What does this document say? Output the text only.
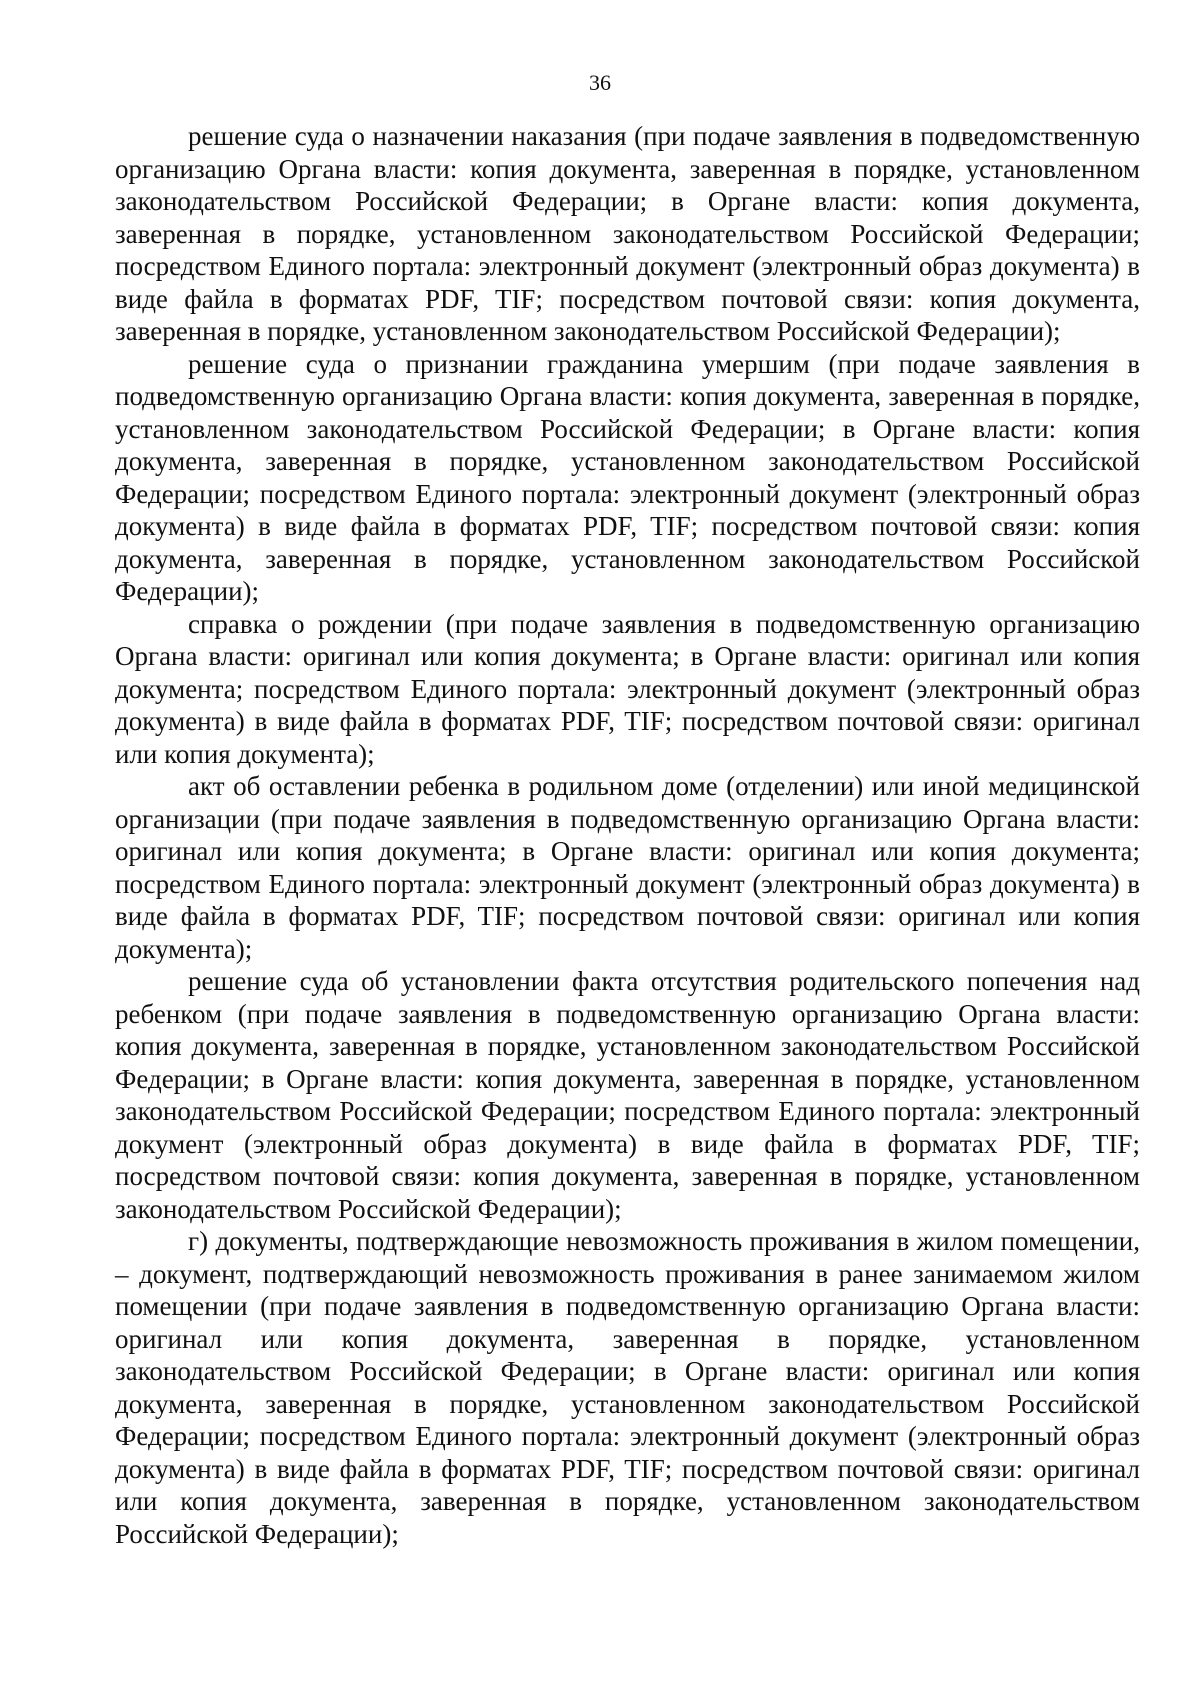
36

решение суда о назначении наказания (при подаче заявления в подведомственную организацию Органа власти: копия документа, заверенная в порядке, установленном законодательством Российской Федерации; в Органе власти: копия документа, заверенная в порядке, установленном законодательством Российской Федерации; посредством Единого портала: электронный документ (электронный образ документа) в виде файла в форматах PDF, TIF; посредством почтовой связи: копия документа, заверенная в порядке, установленном законодательством Российской Федерации);

решение суда о признании гражданина умершим (при подаче заявления в подведомственную организацию Органа власти: копия документа, заверенная в порядке, установленном законодательством Российской Федерации; в Органе власти: копия документа, заверенная в порядке, установленном законодательством Российской Федерации; посредством Единого портала: электронный документ (электронный образ документа) в виде файла в форматах PDF, TIF; посредством почтовой связи: копия документа, заверенная в порядке, установленном законодательством Российской Федерации);

справка о рождении (при подаче заявления в подведомственную организацию Органа власти: оригинал или копия документа; в Органе власти: оригинал или копия документа; посредством Единого портала: электронный документ (электронный образ документа) в виде файла в форматах PDF, TIF; посредством почтовой связи: оригинал или копия документа);

акт об оставлении ребенка в родильном доме (отделении) или иной медицинской организации (при подаче заявления в подведомственную организацию Органа власти: оригинал или копия документа; в Органе власти: оригинал или копия документа; посредством Единого портала: электронный документ (электронный образ документа) в виде файла в форматах PDF, TIF; посредством почтовой связи: оригинал или копия документа);

решение суда об установлении факта отсутствия родительского попечения над ребенком (при подаче заявления в подведомственную организацию Органа власти: копия документа, заверенная в порядке, установленном законодательством Российской Федерации; в Органе власти: копия документа, заверенная в порядке, установленном законодательством Российской Федерации; посредством Единого портала: электронный документ (электронный образ документа) в виде файла в форматах PDF, TIF; посредством почтовой связи: копия документа, заверенная в порядке, установленном законодательством Российской Федерации);

г) документы, подтверждающие невозможность проживания в жилом помещении, – документ, подтверждающий невозможность проживания в ранее занимаемом жилом помещении (при подаче заявления в подведомственную организацию Органа власти: оригинал или копия документа, заверенная в порядке, установленном законодательством Российской Федерации; в Органе власти: оригинал или копия документа, заверенная в порядке, установленном законодательством Российской Федерации; посредством Единого портала: электронный документ (электронный образ документа) в виде файла в форматах PDF, TIF; посредством почтовой связи: оригинал или копия документа, заверенная в порядке, установленном законодательством Российской Федерации);
